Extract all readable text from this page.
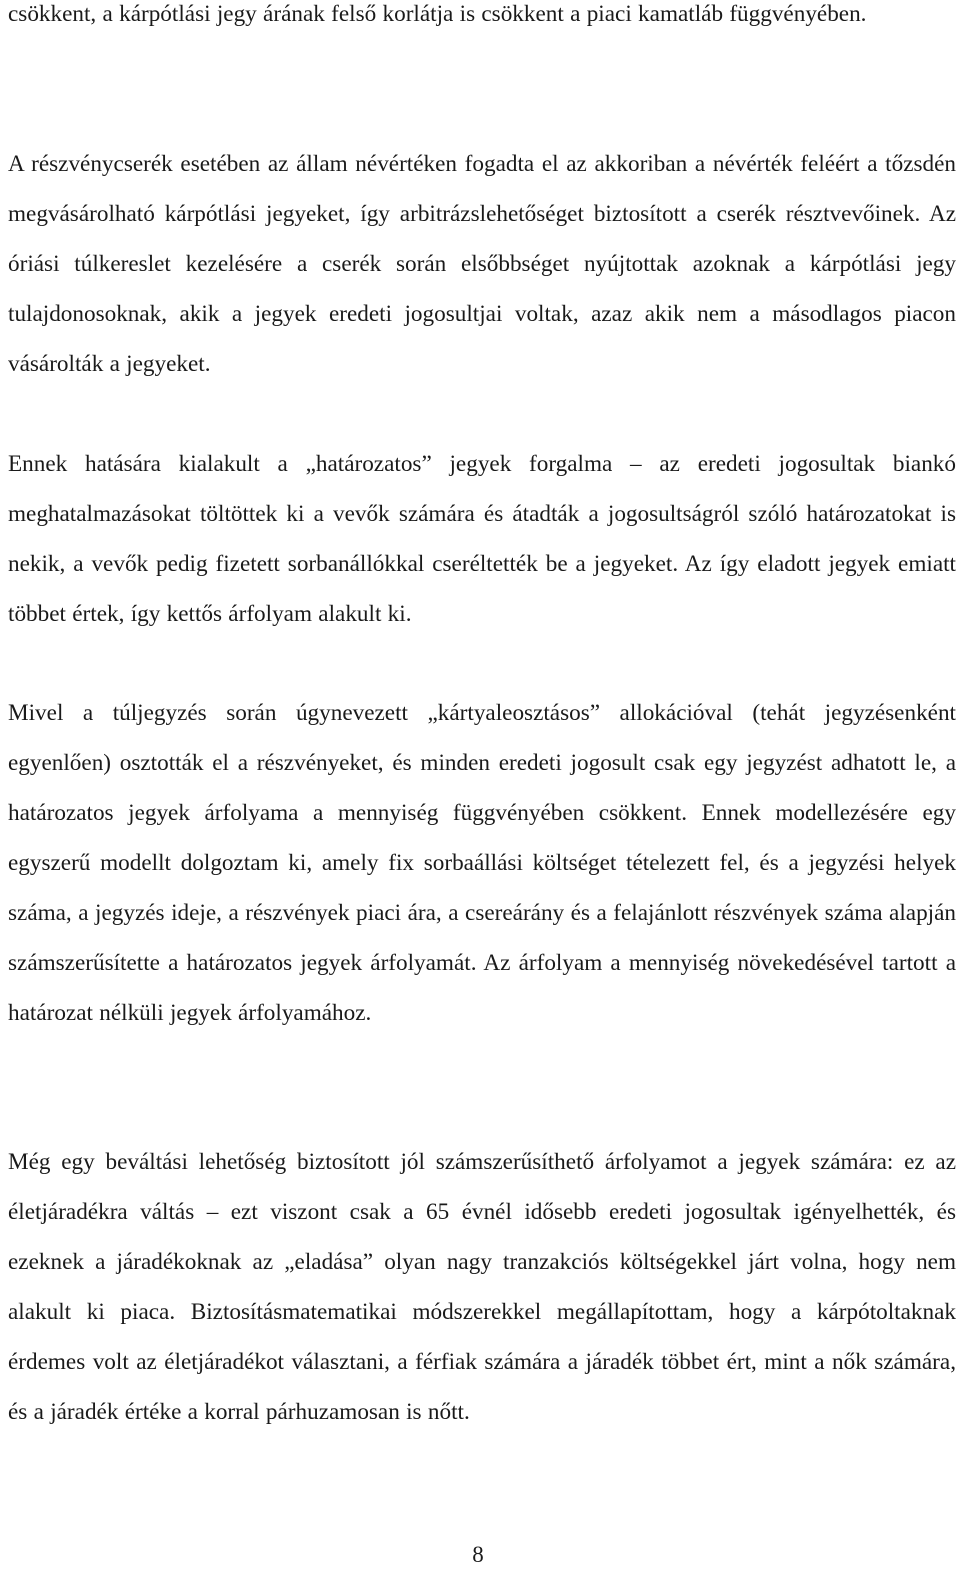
csökkent, a kárpótlási jegy árának felső korlátja is csökkent a piaci kamatláb függvényében.

A részvénycserék esetében az állam névértéken fogadta el az akkoriban a névérték feléért a tőzsdén megvásárolható kárpótlási jegyeket, így arbitrázslehetőséget biztosított a cserék résztvevőinek. Az óriási túlkereslet kezelésére a cserék során elsőbbséget nyújtottak azoknak a kárpótlási jegy tulajdonosoknak, akik a jegyek eredeti jogosultjai voltak, azaz akik nem a másodlagos piacon vásárolták a jegyeket.

Ennek hatására kialakult a „határozatos” jegyek forgalma – az eredeti jogosultak biankó meghatalmazásokat töltöttek ki a vevők számára és átadták a jogosultságról szóló határozatokat is nekik, a vevők pedig fizetett sorbanállókkal cseréltették be a jegyeket. Az így eladott jegyek emiatt többet értek, így kettős árfolyam alakult ki.

Mivel a túljegyzés során úgynevezett „kártyaleosztásos” allokációval (tehát jegyzésenként egyenlően) osztották el a részvényeket, és minden eredeti jogosult csak egy jegyzést adhatott le, a határozatos jegyek árfolyama a mennyiség függvényében csökkent. Ennek modellezésére egy egyszerű modellt dolgoztam ki, amely fix sorbaállási költséget tételezett fel, és a jegyzési helyek száma, a jegyzés ideje, a részvények piaci ára, a csereárány és a felajánlott részvények száma alapján számszerűsítette a határozatos jegyek árfolyamát. Az árfolyam a mennyiség növekedésével tartott a határozat nélküli jegyek árfolyamához.

Még egy beváltási lehetőség biztosított jól számszerűsíthető árfolyamot a jegyek számára: ez az életjáradékra váltás – ezt viszont csak a 65 évnél idősebb eredeti jogosultak igényelhették, és ezeknek a járadékoknak az „eladása” olyan nagy tranzakciós költségekkel járt volna, hogy nem alakult ki piaca. Biztosításmatematikai módszerekkel megállapítottam, hogy a kárpótoltaknak érdemes volt az életjáradékot választani, a férfiak számára a járadék többet ért, mint a nők számára, és a járadék értéke a korral párhuzamosan is nőtt.

8
